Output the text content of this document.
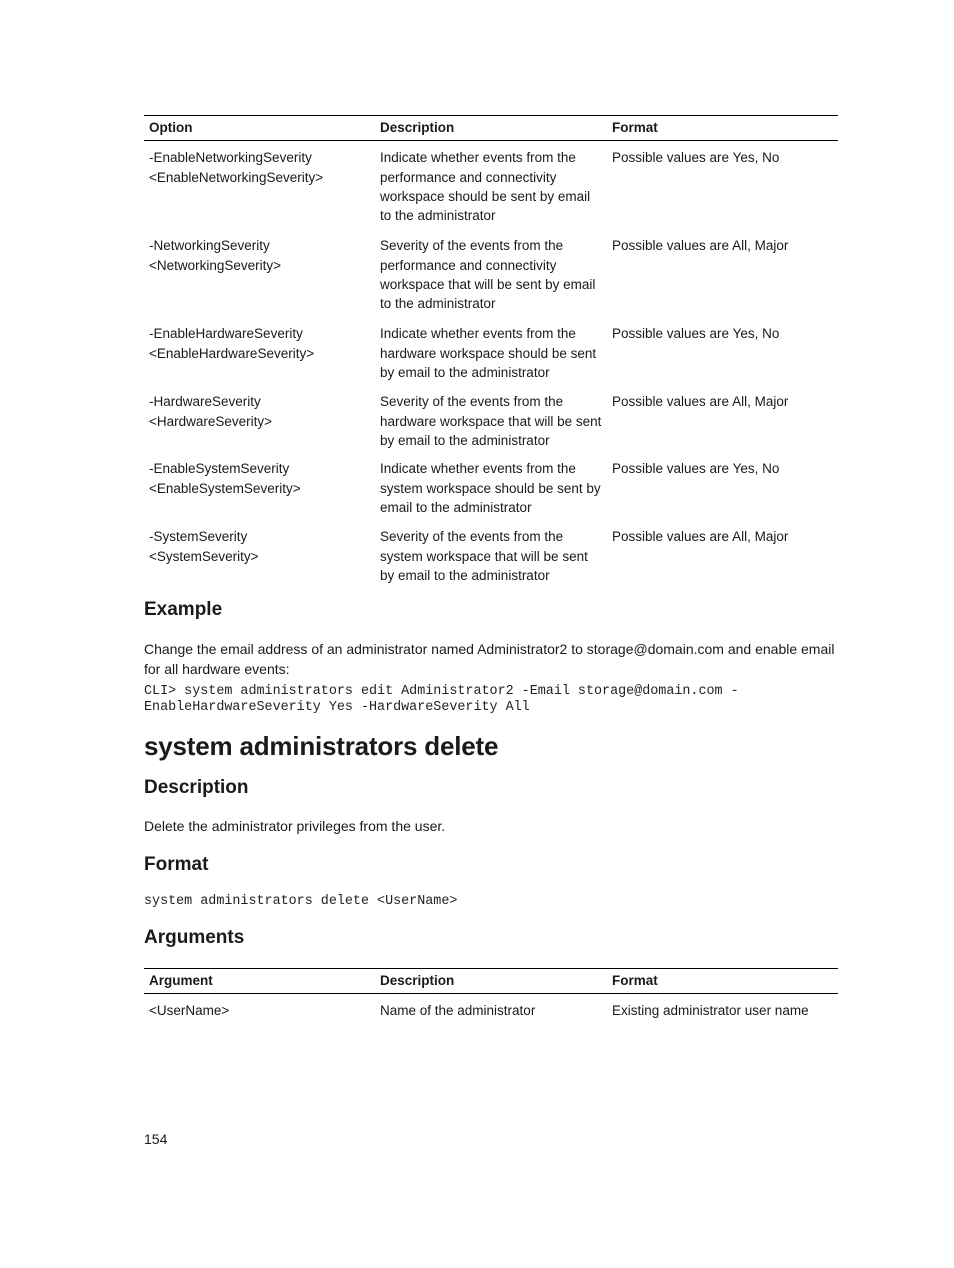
Option	Description	Format

-EnableNetworkingSeverity
<EnableNetworkingSeverity>	Indicate whether events from the performance and connectivity workspace should be sent by email to the administrator	Possible values are Yes, No

-NetworkingSeverity
<NetworkingSeverity>	Severity of the events from the performance and connectivity workspace that will be sent by email to the administrator	Possible values are All, Major

-EnableHardwareSeverity
<EnableHardwareSeverity>	Indicate whether events from the hardware workspace should be sent by email to the administrator	Possible values are Yes, No

-HardwareSeverity
<HardwareSeverity>	Severity of the events from the hardware workspace that will be sent by email to the administrator	Possible values are All, Major

-EnableSystemSeverity
<EnableSystemSeverity>	Indicate whether events from the system workspace should be sent by email to the administrator	Possible values are Yes, No

-SystemSeverity
<SystemSeverity>	Severity of the events from the system workspace that will be sent by email to the administrator	Possible values are All, Major
Example

Change the email address of an administrator named Administrator2 to storage@domain.com and enable email for all hardware events:

CLI> system administrators edit Administrator2 -Email storage@domain.com -
EnableHardwareSeverity Yes -HardwareSeverity All
system administrators delete
Description

Delete the administrator privileges from the user.

Format
system administrators delete <UserName>
Arguments
Argument	Description	Format
<UserName>	Name of the administrator	Existing administrator user name
154
